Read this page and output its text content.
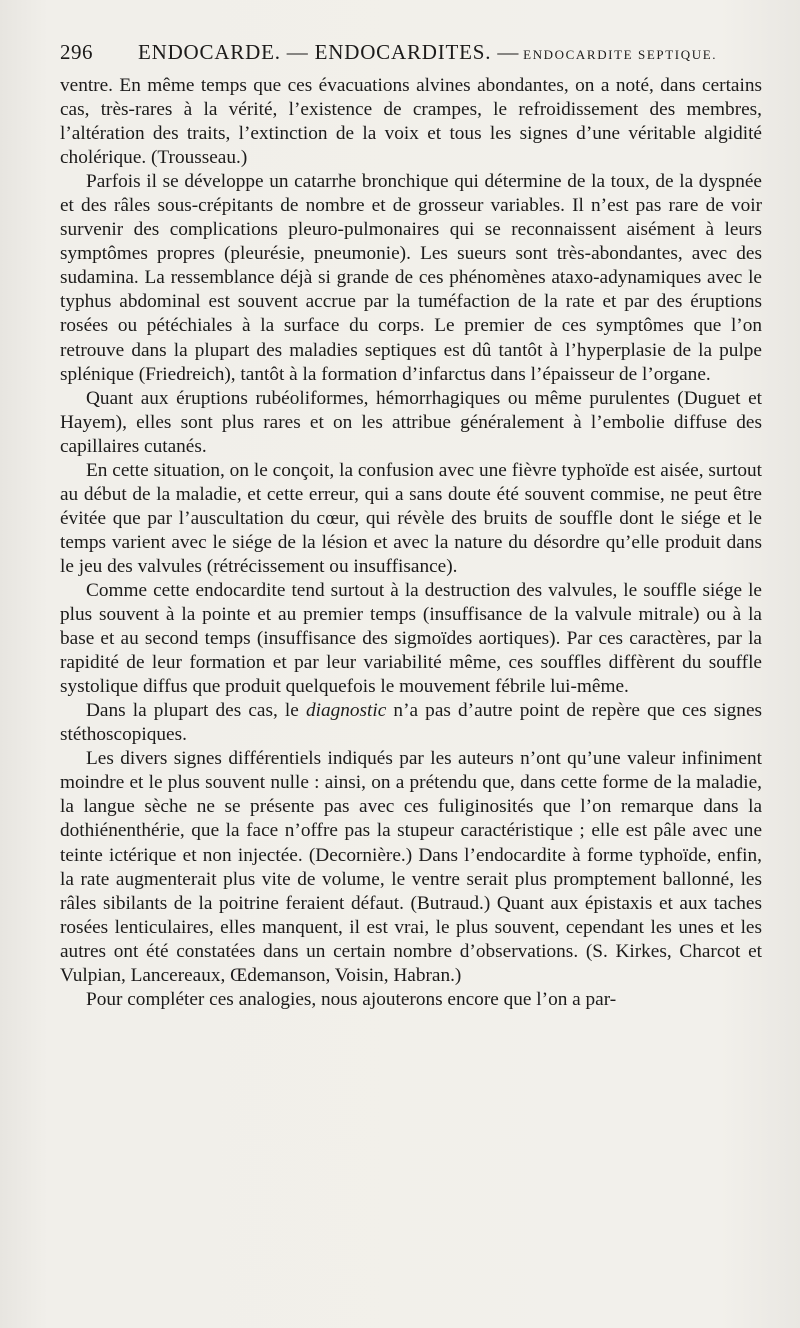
296	ENDOCARDE. — ENDOCARDITES. — ENDOCARDITE SEPTIQUE.

ventre. En même temps que ces évacuations alvines abondantes, on a noté, dans certains cas, très-rares à la vérité, l’existence de crampes, le refroidissement des membres, l’altération des traits, l’extinction de la voix et tous les signes d’une véritable algidité cholérique. (Trousseau.)

Parfois il se développe un catarrhe bronchique qui détermine de la toux, de la dyspnée et des râles sous-crépitants de nombre et de grosseur variables. Il n’est pas rare de voir survenir des complications pleuro-pulmonaires qui se reconnaissent aisément à leurs symptômes propres (pleurésie, pneumonie). Les sueurs sont très-abondantes, avec des sudamina. La ressemblance déjà si grande de ces phénomènes ataxo-adynamiques avec le typhus abdominal est souvent accrue par la tuméfaction de la rate et par des éruptions rosées ou pétéchiales à la surface du corps. Le premier de ces symptômes que l’on retrouve dans la plupart des maladies septiques est dû tantôt à l’hyperplasie de la pulpe splénique (Friedreich), tantôt à la formation d’infarctus dans l’épaisseur de l’organe.

Quant aux éruptions rubéoliformes, hémorrhagiques ou même purulentes (Duguet et Hayem), elles sont plus rares et on les attribue généralement à l’embolie diffuse des capillaires cutanés.

En cette situation, on le conçoit, la confusion avec une fièvre typhoïde est aisée, surtout au début de la maladie, et cette erreur, qui a sans doute été souvent commise, ne peut être évitée que par l’auscultation du cœur, qui révèle des bruits de souffle dont le siége et le temps varient avec le siége de la lésion et avec la nature du désordre qu’elle produit dans le jeu des valvules (rétrécissement ou insuffisance).

Comme cette endocardite tend surtout à la destruction des valvules, le souffle siége le plus souvent à la pointe et au premier temps (insuffisance de la valvule mitrale) ou à la base et au second temps (insuffisance des sigmoïdes aortiques). Par ces caractères, par la rapidité de leur formation et par leur variabilité même, ces souffles diffèrent du souffle systolique diffus que produit quelquefois le mouvement fébrile lui-même.

Dans la plupart des cas, le diagnostic n’a pas d’autre point de repère que ces signes stéthoscopiques.

Les divers signes différentiels indiqués par les auteurs n’ont qu’une valeur infiniment moindre et le plus souvent nulle : ainsi, on a prétendu que, dans cette forme de la maladie, la langue sèche ne se présente pas avec ces fuliginosités que l’on remarque dans la dothiénenthérie, que la face n’offre pas la stupeur caractéristique ; elle est pâle avec une teinte ictérique et non injectée. (Decornière.) Dans l’endocardite à forme typhoïde, enfin, la rate augmenterait plus vite de volume, le ventre serait plus promptement ballonné, les râles sibilants de la poitrine feraient défaut. (Butraud.) Quant aux épistaxis et aux taches rosées lenticulaires, elles manquent, il est vrai, le plus souvent, cependant les unes et les autres ont été constatées dans un certain nombre d’observations. (S. Kirkes, Charcot et Vulpian, Lancereaux, Œdemanson, Voisin, Habran.)

Pour compléter ces analogies, nous ajouterons encore que l’on a par-
